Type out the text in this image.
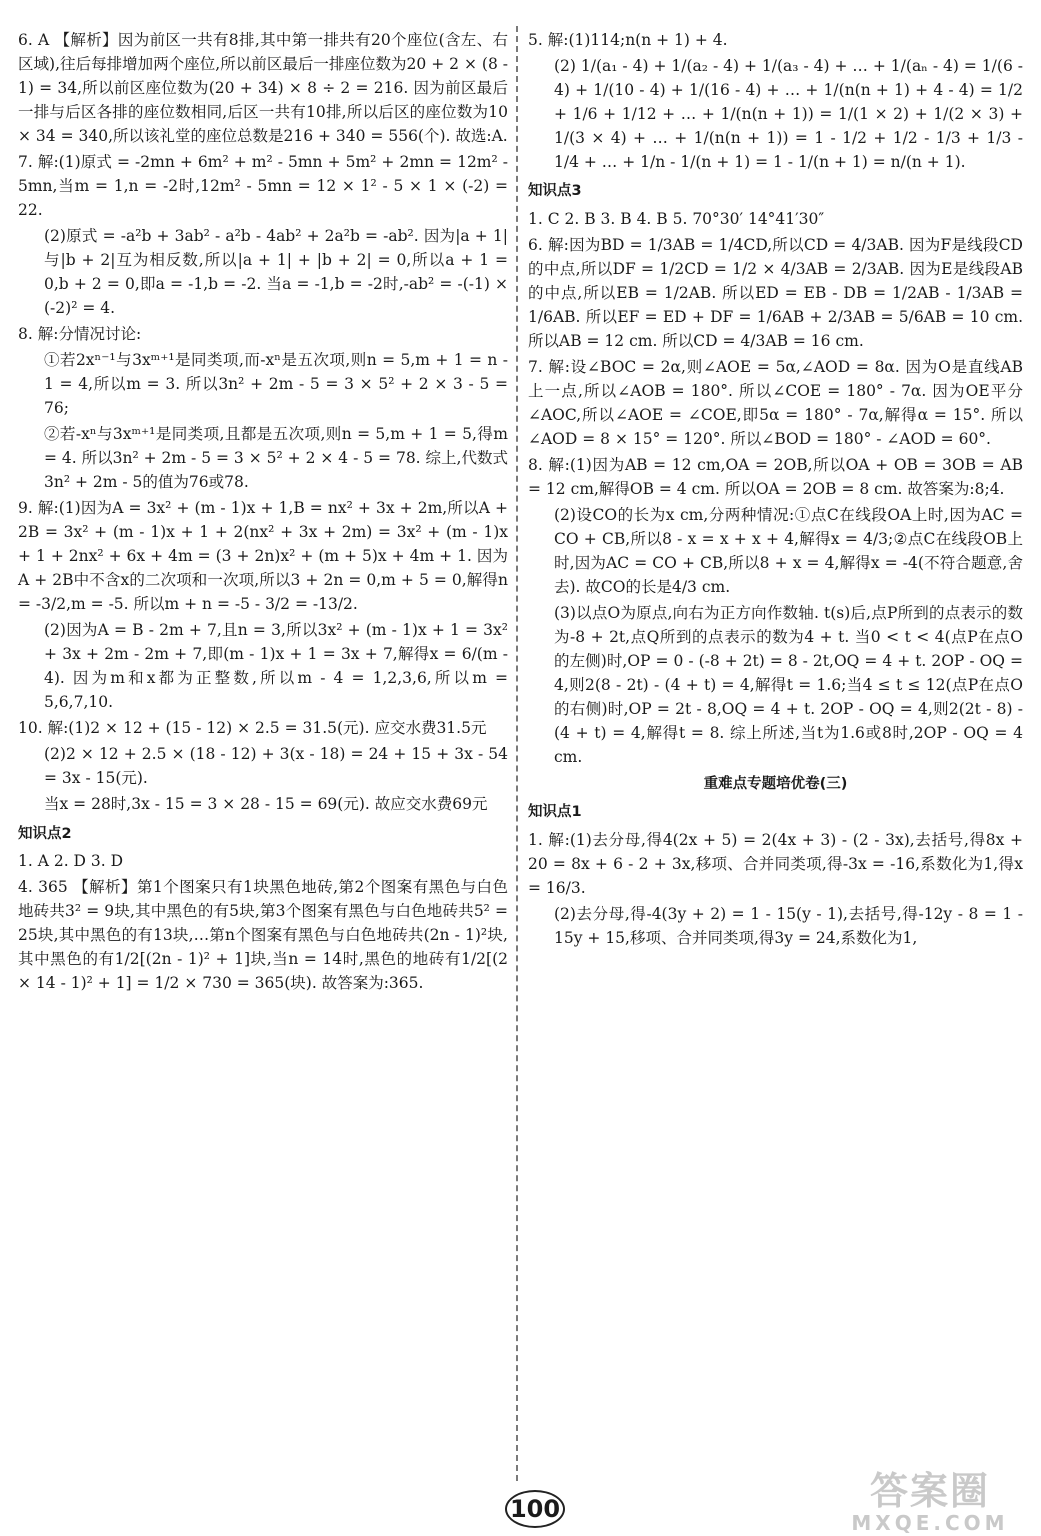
6. A 【解析】因为前区一共有8排,其中第一排共有20个座位(含左、右区域),往后每排增加两个座位,所以前区最后一排座位数为20 + 2 × (8 - 1) = 34,所以前区座位数为(20 + 34) × 8 ÷ 2 = 216. 因为前区最后一排与后区各排的座位数相同,后区一共有10排,所以后区的座位数为10 × 34 = 340,所以该礼堂的座位总数是216 + 340 = 556(个). 故选:A.

7. 解:(1)原式 = -2mn + 6m² + m² - 5mn + 5m² + 2mn = 12m² - 5mn,当m = 1,n = -2时,12m² - 5mn = 12 × 1² - 5 × 1 × (-2) = 22.

(2)原式 = -a²b + 3ab² - a²b - 4ab² + 2a²b = -ab². 因为|a + 1|与|b + 2|互为相反数,所以|a + 1| + |b + 2| = 0,所以a + 1 = 0,b + 2 = 0,即a = -1,b = -2. 当a = -1,b = -2时,-ab² = -(-1) × (-2)² = 4.

8. 解:分情况讨论:

①若2xⁿ⁻¹与3xᵐ⁺¹是同类项,而-xⁿ是五次项,则n = 5,m + 1 = n - 1 = 4,所以m = 3. 所以3n² + 2m - 5 = 3 × 5² + 2 × 3 - 5 = 76;

②若-xⁿ与3xᵐ⁺¹是同类项,且都是五次项,则n = 5,m + 1 = 5,得m = 4. 所以3n² + 2m - 5 = 3 × 5² + 2 × 4 - 5 = 78. 综上,代数式3n² + 2m - 5的值为76或78.

9. 解:(1)因为A = 3x² + (m - 1)x + 1,B = nx² + 3x + 2m,所以A + 2B = 3x² + (m - 1)x + 1 + 2(nx² + 3x + 2m) = 3x² + (m - 1)x + 1 + 2nx² + 6x + 4m = (3 + 2n)x² + (m + 5)x + 4m + 1. 因为A + 2B中不含x的二次项和一次项,所以3 + 2n = 0,m + 5 = 0,解得n = -3/2,m = -5. 所以m + n = -5 - 3/2 = -13/2.

(2)因为A = B - 2m + 7,且n = 3,所以3x² + (m - 1)x + 1 = 3x² + 3x + 2m - 2m + 7,即(m - 1)x + 1 = 3x + 7,解得x = 6/(m - 4). 因为m和x都为正整数,所以m - 4 = 1,2,3,6,所以m = 5,6,7,10.

10. 解:(1)2 × 12 + (15 - 12) × 2.5 = 31.5(元). 应交水费31.5元

(2)2 × 12 + 2.5 × (18 - 12) + 3(x - 18) = 24 + 15 + 3x - 54 = 3x - 15(元).

当x = 28时,3x - 15 = 3 × 28 - 15 = 69(元). 故应交水费69元

知识点2

1. A 2. D 3. D

4. 365 【解析】第1个图案只有1块黑色地砖,第2个图案有黑色与白色地砖共3² = 9块,其中黑色的有5块,第3个图案有黑色与白色地砖共5² = 25块,其中黑色的有13块,…第n个图案有黑色与白色地砖共(2n - 1)²块,其中黑色的有1/2[(2n - 1)² + 1]块,当n = 14时,黑色的地砖有1/2[(2 × 14 - 1)² + 1] = 1/2 × 730 = 365(块). 故答案为:365.

5. 解:(1)114;n(n + 1) + 4.

(2) 1/(a₁ - 4) + 1/(a₂ - 4) + 1/(a₃ - 4) + … + 1/(aₙ - 4) = 1/(6 - 4) + 1/(10 - 4) + 1/(16 - 4) + … + 1/(n(n + 1) + 4 - 4) = 1/2 + 1/6 + 1/12 + … + 1/(n(n + 1)) = 1/(1 × 2) + 1/(2 × 3) + 1/(3 × 4) + … + 1/(n(n + 1)) = 1 - 1/2 + 1/2 - 1/3 + 1/3 - 1/4 + … + 1/n - 1/(n + 1) = 1 - 1/(n + 1) = n/(n + 1).

知识点3

1. C 2. B 3. B 4. B 5. 70°30′ 14°41′30″

6. 解:因为BD = 1/3AB = 1/4CD,所以CD = 4/3AB. 因为F是线段CD的中点,所以DF = 1/2CD = 1/2 × 4/3AB = 2/3AB. 因为E是线段AB的中点,所以EB = 1/2AB. 所以ED = EB - DB = 1/2AB - 1/3AB = 1/6AB. 所以EF = ED + DF = 1/6AB + 2/3AB = 5/6AB = 10 cm. 所以AB = 12 cm. 所以CD = 4/3AB = 16 cm.

7. 解:设∠BOC = 2α,则∠AOE = 5α,∠AOD = 8α. 因为O是直线AB上一点,所以∠AOB = 180°. 所以∠COE = 180° - 7α. 因为OE平分∠AOC,所以∠AOE = ∠COE,即5α = 180° - 7α,解得α = 15°. 所以∠AOD = 8 × 15° = 120°. 所以∠BOD = 180° - ∠AOD = 60°.

8. 解:(1)因为AB = 12 cm,OA = 2OB,所以OA + OB = 3OB = AB = 12 cm,解得OB = 4 cm. 所以OA = 2OB = 8 cm. 故答案为:8;4.

(2)设CO的长为x cm,分两种情况:①点C在线段OA上时,因为AC = CO + CB,所以8 - x = x + x + 4,解得x = 4/3;②点C在线段OB上时,因为AC = CO + CB,所以8 + x = 4,解得x = -4(不符合题意,舍去). 故CO的长是4/3 cm.

(3)以点O为原点,向右为正方向作数轴. t(s)后,点P所到的点表示的数为-8 + 2t,点Q所到的点表示的数为4 + t. 当0 < t < 4(点P在点O的左侧)时,OP = 0 - (-8 + 2t) = 8 - 2t,OQ = 4 + t. 2OP - OQ = 4,则2(8 - 2t) - (4 + t) = 4,解得t = 1.6;当4 ≤ t ≤ 12(点P在点O的右侧)时,OP = 2t - 8,OQ = 4 + t. 2OP - OQ = 4,则2(2t - 8) - (4 + t) = 4,解得t = 8. 综上所述,当t为1.6或8时,2OP - OQ = 4 cm.

重难点专题培优卷(三)

知识点1

1. 解:(1)去分母,得4(2x + 5) = 2(4x + 3) - (2 - 3x),去括号,得8x + 20 = 8x + 6 - 2 + 3x,移项、合并同类项,得-3x = -16,系数化为1,得x = 16/3.

(2)去分母,得-4(3y + 2) = 1 - 15(y - 1),去括号,得-12y - 8 = 1 - 15y + 15,移项、合并同类项,得3y = 24,系数化为1,

100	答案圈
MXQE.COM
